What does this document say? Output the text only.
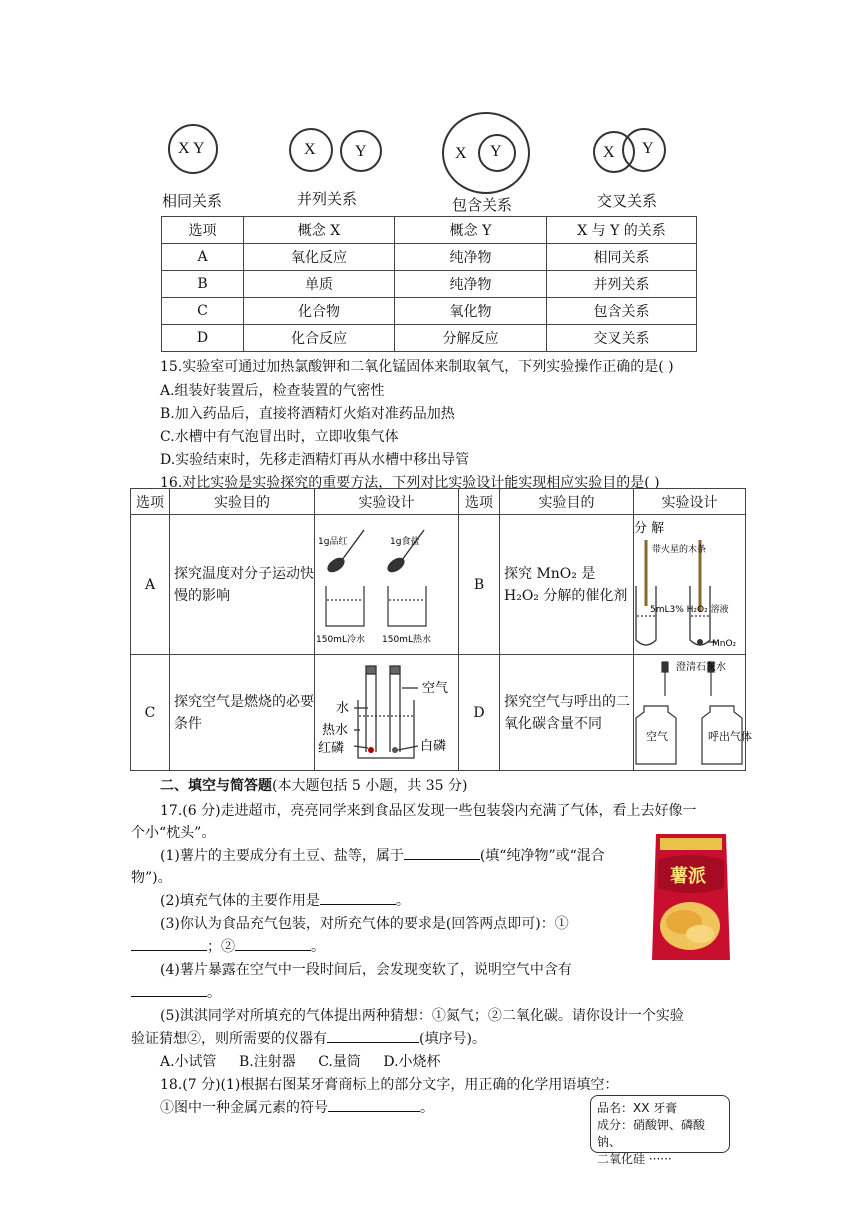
X Y
相同关系
X Y
并列关系
X Y
包含关系
X Y
交叉关系
选项	概念 X	概念 Y	X 与 Y 的关系
A	氧化反应	纯净物	相同关系
B	单质	纯净物	并列关系
C	化合物	氧化物	包含关系
D	化合反应	分解反应	交叉关系
15.实验室可通过加热氯酸钾和二氧化锰固体来制取氧气，下列实验操作正确的是( )
A.组装好装置后，检查装置的气密性
B.加入药品后，直接将酒精灯火焰对准药品加热
C.水槽中有气泡冒出时，立即收集气体
D.实验结束时，先移走酒精灯再从水槽中移出导管
16.对比实验是实验探究的重要方法，下列对比实验设计能实现相应实验目的是( )
选项	实验目的	实验设计	选项	实验目的	实验设计
A	探究温度对分子运动快慢的影响		B	探究 MnO₂ 是 H₂O₂ 分解的催化剂	
C	探究空气是燃烧的必要条件		D	探究空气与呼出的二氧化碳含量不同	
1g品红	1g食盐
150mL冷水 150mL热水
分 解
带火星的木条
5mL3% H₂O₂ 溶液
MnO₂
空气
水
热水
红磷	白磷
澄清石灰水
空气	呼出气体
二、填空与简答题(本大题包括 5 小题，共 35 分)
17.(6 分)走进超市，亮亮同学来到食品区发现一些包装袋内充满了气体，看上去好像一
个小“枕头”。
(1)薯片的主要成分有土豆、盐等，属于	(填“纯净物”或“混合
物”)。
(2)填充气体的主要作用是	。
(3)你认为食品充气包装，对所充气体的要求是(回答两点即可)：①
；②	。
(4)薯片暴露在空气中一段时间后，会发现变软了，说明空气中含有
。
(5)淇淇同学对所填充的气体提出两种猜想：①氮气；②二氧化碳。请你设计一个实验
验证猜想②，则所需要的仪器有	(填序号)。
A.小试管 B.注射器 C.量筒 D.小烧杯
薯派
18.(7 分)(1)根据右图某牙膏商标上的部分文字，用正确的化学用语填空：
①图中一种金属元素的符号	。	品名：XX 牙膏
成分：硝酸钾、磷酸钠、
二氧化硅 ······
